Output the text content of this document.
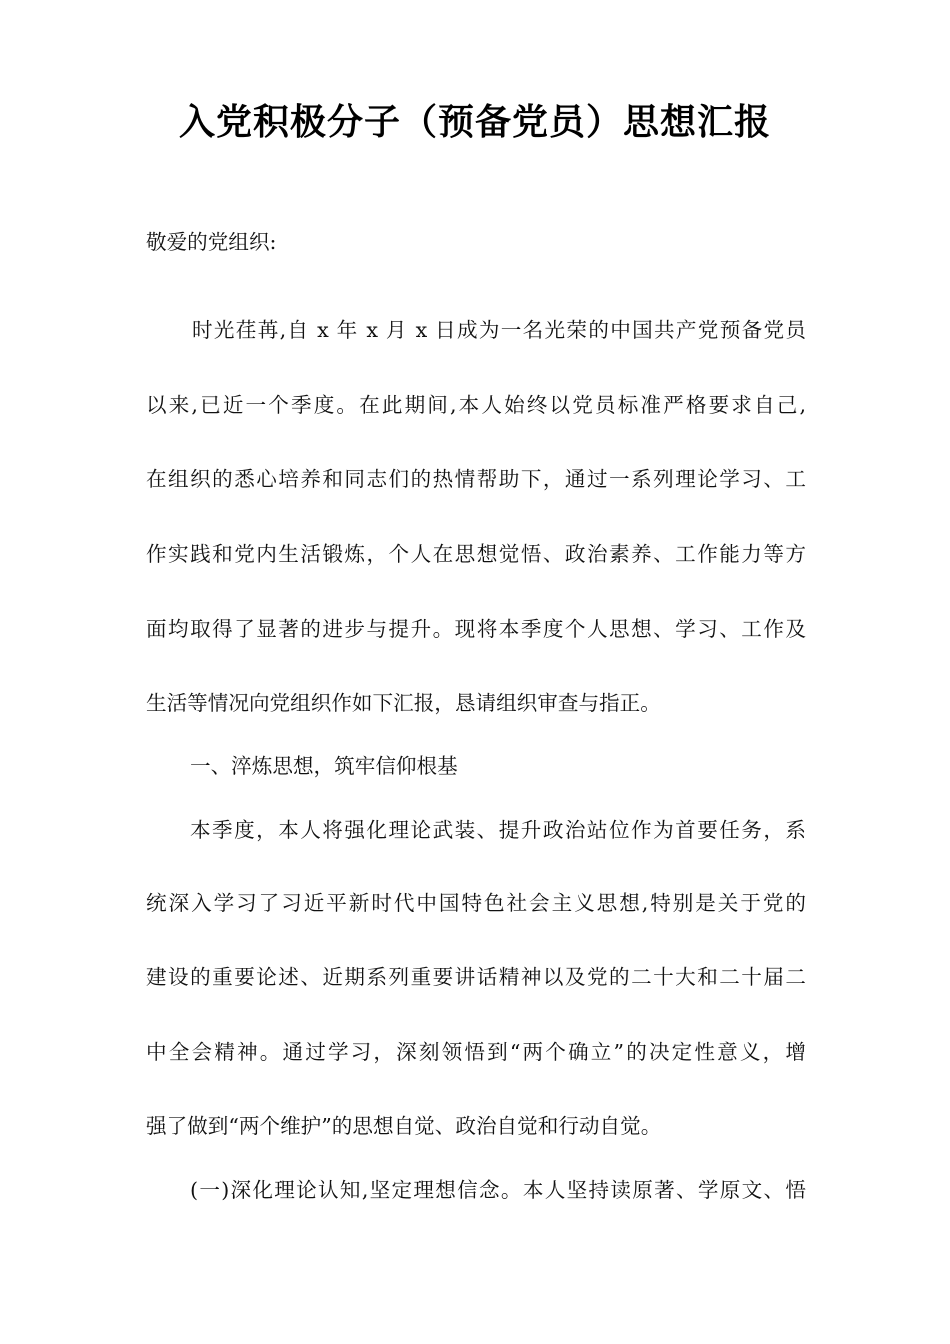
入党积极分子（预备党员）思想汇报
敬爱的党组织:
时光荏苒,自 x 年 x 月 x 日成为一名光荣的中国共产党预备党员
以来,已近一个季度。在此期间,本人始终以党员标准严格要求自己,
在组织的悉心培养和同志们的热情帮助下，通过一系列理论学习、工
作实践和党内生活锻炼，个人在思想觉悟、政治素养、工作能力等方
面均取得了显著的进步与提升。现将本季度个人思想、学习、工作及
生活等情况向党组织作如下汇报，恳请组织审查与指正。
一、淬炼思想，筑牢信仰根基
本季度，本人将强化理论武装、提升政治站位作为首要任务，系
统深入学习了习近平新时代中国特色社会主义思想,特别是关于党的
建设的重要论述、近期系列重要讲话精神以及党的二十大和二十届二
中全会精神。通过学习，深刻领悟到“两个确立”的决定性意义，增
强了做到“两个维护”的思想自觉、政治自觉和行动自觉。
(一)深化理论认知,坚定理想信念。本人坚持读原著、学原文、悟
